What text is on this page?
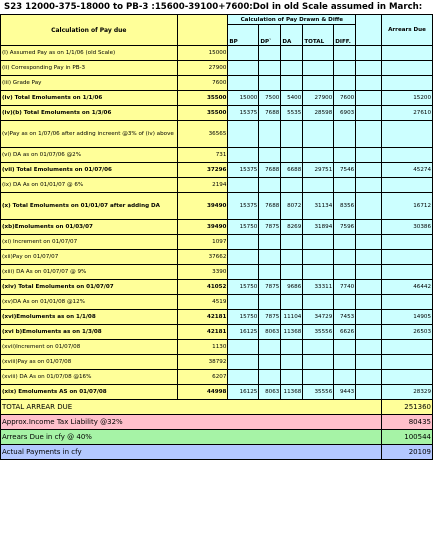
S23 12000-375-18000 to PB-3 :15600-39100+7600:DoI in old Scale assumed in March:
Calculation of Pay due		Calculation of Pay Drawn & Diffe						Arrears Due
		BP	DP`	DA	TOTAL	DIFF.		
(I) Assumed Pay as on 1/1/06 (old Scale)	15000							
(ii) Corresponding Pay in PB-3	27900							
(iii) Grade Pay	7600							
(iv) Total Emoluments on 1/1/06	35500	15000	7500	5400	27900	7600		15200
(iv)(b) Total Emoluments on 1/3/06	35500	15375	7688	5535	28598	6903		27610
(v)Pay as on 1/07/06 after adding increent @3% of (iv) above	36565							
(vi) DA as on 01/07/06 @2%	731							
(vii) Total Emoluments on 01/07/06	37296	15375	7688	6688	29751	7546		45274
(ix) DA As on 01/01/07 @ 6%	2194							
(x) Total Emoluments on 01/01/07 after adding DA	39490	15375	7688	8072	31134	8356		16712
(xb)Emoluments on 01/03/07	39490	15750	7875	8269	31894	7596		30386
(xi) Increment on 01/07/07	1097							
(xii)Pay on 01/07/07	37662							
(xiii) DA As on 01/07/07 @ 9%	3390							
(xiv) Total Emoluments on 01/07/07	41052	15750	7875	9686	33311	7740		46442
(xv)DA As on 01/01/08 @12%	4519							
(xvi)Emoluments as on 1/1/08	42181	15750	7875	11104	34729	7453		14905
(xvi b)Emoluments as on 1/3/08	42181	16125	8063	11368	35556	6626		26503
(xvii)Increment on 01/07/08	1130							
(xviii)Pay as on 01/07/08	38792							
(xviii) DA As on 01/07/08 @16%	6207							
(xix) Emoluments AS on 01/07/08	44998	16125	8063	11368	35556	9443		28329
TOTAL ARREAR DUE								251360
Approx.Income Tax Liability @32%								80435
Arrears Due in cfy @ 40%								100544
Actual Payments in cfy								20109
